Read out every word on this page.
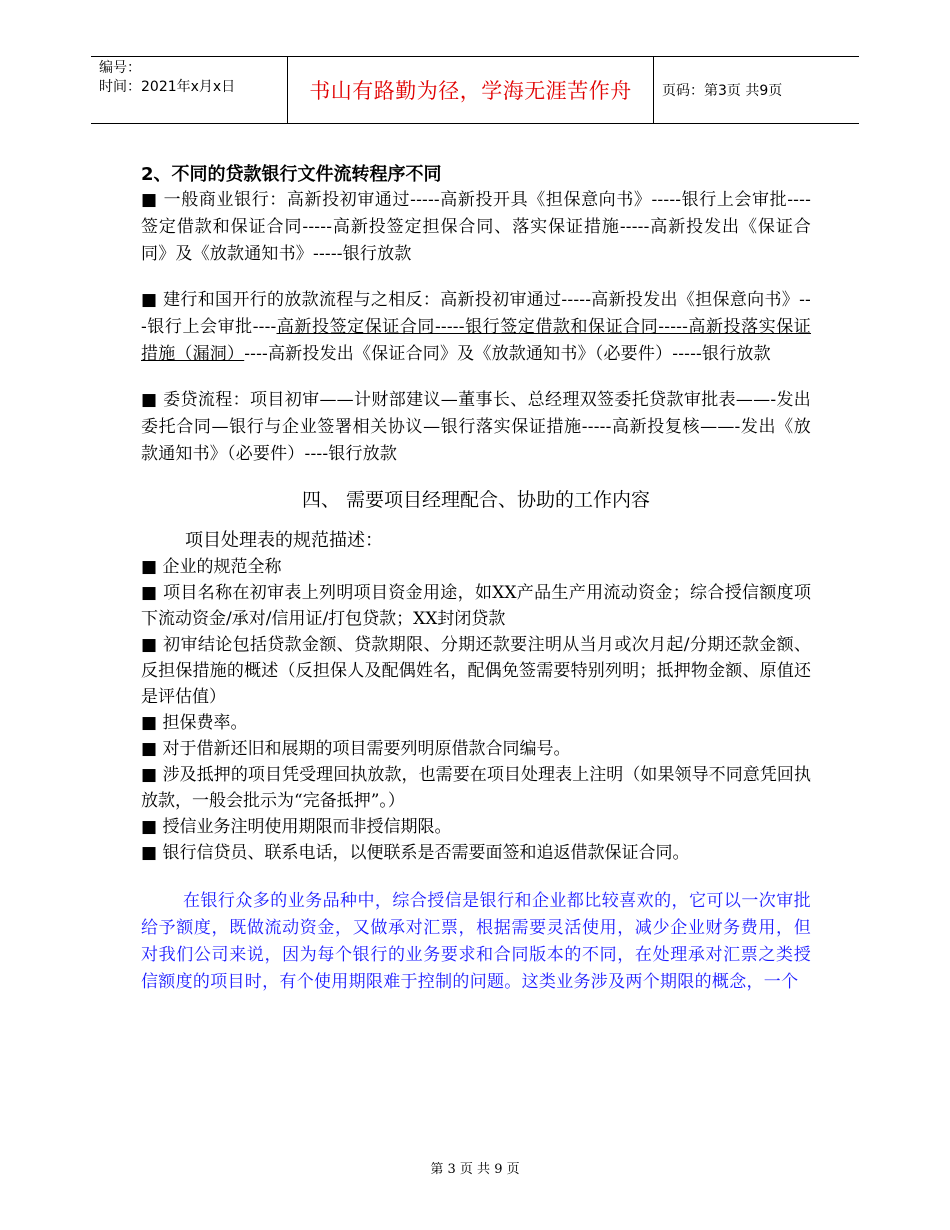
编号：
时间：2021年x月x日	书山有路勤为径，学海无涯苦作舟	页码：第3页 共9页

2、不同的贷款银行文件流转程序不同

■ 一般商业银行：高新投初审通过-----高新投开具《担保意向书》-----银行上会审批----签定借款和保证合同-----高新投签定担保合同、落实保证措施-----高新投发出《保证合同》及《放款通知书》-----银行放款

■ 建行和国开行的放款流程与之相反：高新投初审通过-----高新投发出《担保意向书》---银行上会审批----高新投签定保证合同-----银行签定借款和保证合同-----高新投落实保证措施（漏洞）----高新投发出《保证合同》及《放款通知书》（必要件）-----银行放款

■ 委贷流程：项目初审——计财部建议—董事长、总经理双签委托贷款审批表——-发出委托合同—银行与企业签署相关协议—银行落实保证措施-----高新投复核——-发出《放款通知书》（必要件）----银行放款

四、 需要项目经理配合、协助的工作内容

项目处理表的规范描述：

■ 企业的规范全称

■ 项目名称在初审表上列明项目资金用途，如XX产品生产用流动资金；综合授信额度项下流动资金/承对/信用证/打包贷款；XX封闭贷款

■ 初审结论包括贷款金额、贷款期限、分期还款要注明从当月或次月起/分期还款金额、反担保措施的概述（反担保人及配偶姓名，配偶免签需要特别列明；抵押物金额、原值还是评估值）

■ 担保费率。

■ 对于借新还旧和展期的项目需要列明原借款合同编号。

■ 涉及抵押的项目凭受理回执放款，也需要在项目处理表上注明（如果领导不同意凭回执放款，一般会批示为“完备抵押”。）

■ 授信业务注明使用期限而非授信期限。

■ 银行信贷员、联系电话，以便联系是否需要面签和追返借款保证合同。

在银行众多的业务品种中，综合授信是银行和企业都比较喜欢的，它可以一次审批给予额度，既做流动资金，又做承对汇票，根据需要灵活使用，减少企业财务费用，但对我们公司来说，因为每个银行的业务要求和合同版本的不同，在处理承对汇票之类授信额度的项目时，有个使用期限难于控制的问题。这类业务涉及两个期限的概念，一个

第 3 页 共 9 页
